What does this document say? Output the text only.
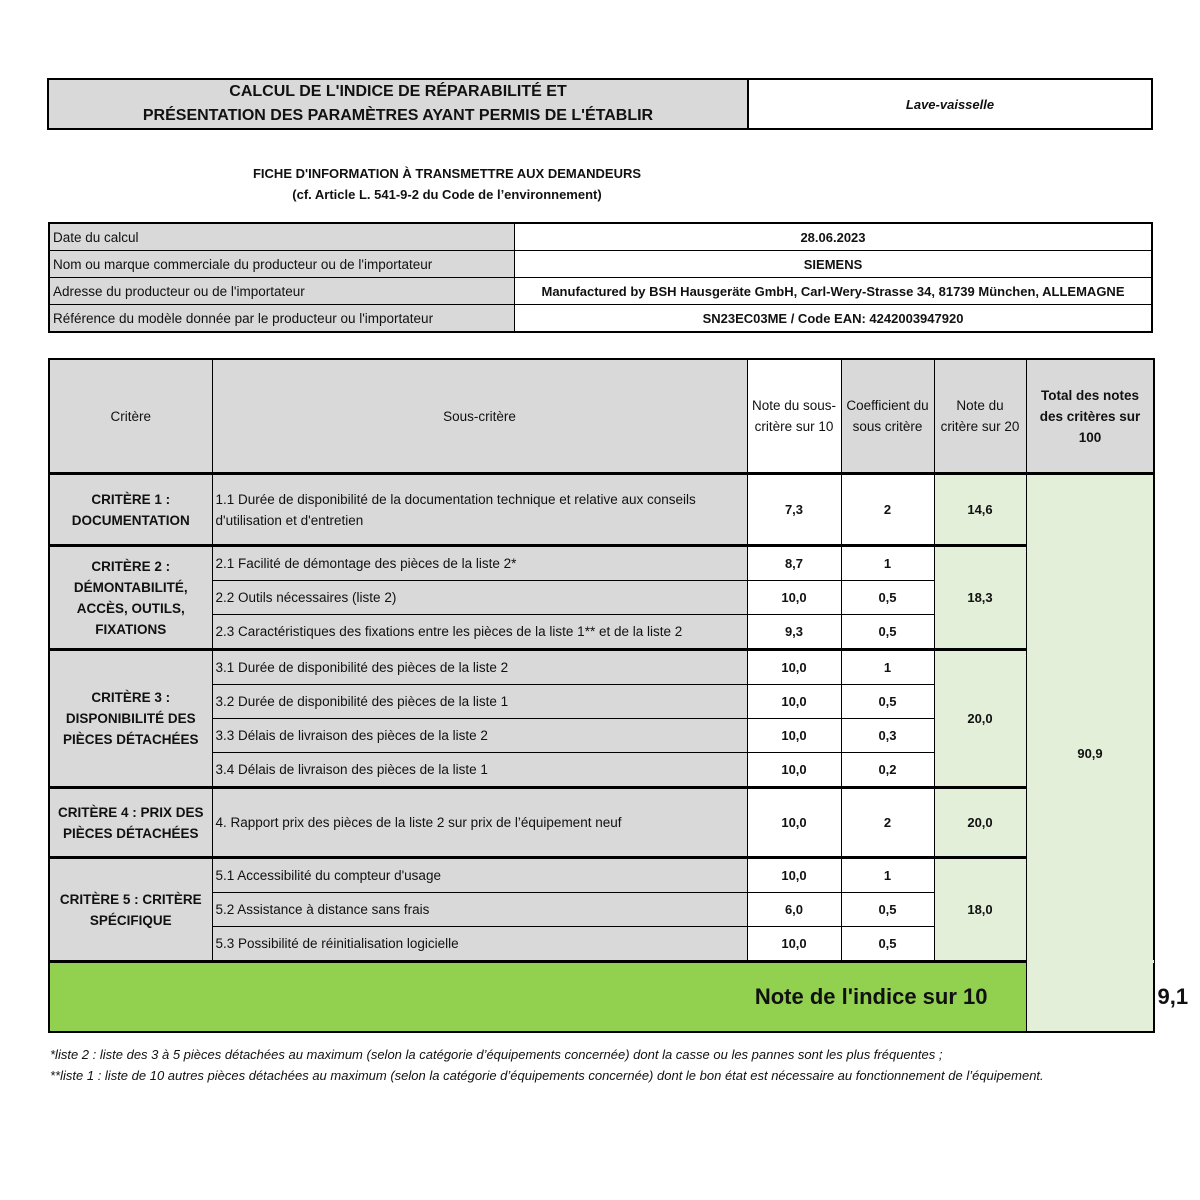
CALCUL DE L'INDICE DE RÉPARABILITÉ ET
PRÉSENTATION DES PARAMÈTRES AYANT PERMIS DE L'ÉTABLIR
Lave-vaisselle
FICHE D'INFORMATION À TRANSMETTRE AUX DEMANDEURS
(cf. Article L. 541-9-2 du Code de l’environnement)
Date du calcul	28.06.2023
Nom ou marque commerciale du producteur ou de l'importateur	SIEMENS
Adresse du producteur ou de l'importateur	Manufactured by BSH Hausgeräte GmbH, Carl-Wery-Strasse 34, 81739 München, ALLEMAGNE
Référence du modèle donnée par le producteur ou l'importateur	SN23EC03ME / Code EAN: 4242003947920
Critère	Sous-critère	Note du sous-critère sur 10	Coefficient du sous critère	Note du critère sur 20	Total des notes des critères sur 100	
CRITÈRE 1 : DOCUMENTATION	1.1 Durée de disponibilité de la documentation technique et relative aux conseils d'utilisation et d'entretien	7,3	2	14,6	90,9	
CRITÈRE 2 : DÉMONTABILITÉ, ACCÈS, OUTILS, FIXATIONS	2.1 Facilité de démontage des pièces de la liste 2*	8,7	1	18,3		
	2.2 Outils nécessaires (liste 2)	10,0	0,5			
	2.3 Caractéristiques des fixations entre les pièces de la liste 1** et de la liste 2	9,3	0,5			
CRITÈRE 3 : DISPONIBILITÉ DES PIÈCES DÉTACHÉES	3.1 Durée de disponibilité des pièces de la liste 2	10,0	1	20,0		
	3.2 Durée de disponibilité des pièces de la liste 1	10,0	0,5			
	3.3 Délais de livraison des pièces de la liste 2	10,0	0,3			
	3.4 Délais de livraison des pièces de la liste 1	10,0	0,2			
CRITÈRE 4 : PRIX DES PIÈCES DÉTACHÉES	4. Rapport prix des pièces de la liste 2 sur prix de l’équipement neuf	10,0	2	20,0		
CRITÈRE 5 : CRITÈRE SPÉCIFIQUE	5.1 Accessibilité du compteur d'usage	10,0	1	18,0		
	5.2 Assistance à distance sans frais	6,0	0,5			
	5.3 Possibilité de réinitialisation logicielle	10,0	0,5			
Note de l'indice sur 10						9,1

*liste 2 : liste des 3 à 5 pièces détachées au maximum (selon la catégorie d’équipements concernée) dont la casse ou les pannes sont les plus fréquentes ;

**liste 1 : liste de 10 autres pièces détachées au maximum (selon la catégorie d’équipements concernée) dont le bon état est nécessaire au fonctionnement de l’équipement.
